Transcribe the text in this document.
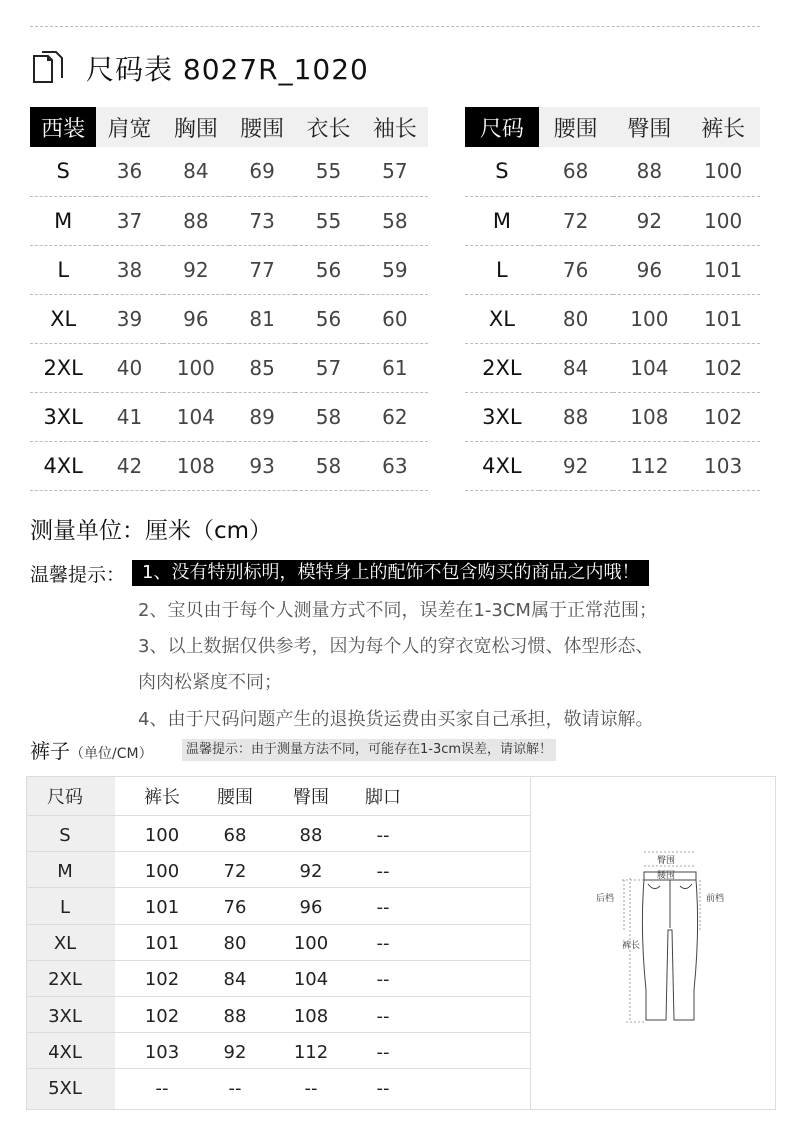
尺码表 8027R_1020
西装	肩宽	胸围	腰围	衣长	袖长
S	36	84	69	55	57
M	37	88	73	55	58
L	38	92	77	56	59
XL	39	96	81	56	60
2XL	40	100	85	57	61
3XL	41	104	89	58	62
4XL	42	108	93	58	63
尺码	腰围	臀围	裤长
S	68	88	100
M	72	92	100
L	76	96	101
XL	80	100	101
2XL	84	104	102
3XL	88	108	102
4XL	92	112	103
测量单位：厘米（cm）
温馨提示： 1、没有特别标明，模特身上的配饰不包含购买的商品之内哦！
2、宝贝由于每个人测量方式不同，误差在1-3CM属于正常范围；
3、以上数据仅供参考，因为每个人的穿衣宽松习惯、体型形态、
肉肉松紧度不同；
4、由于尺码问题产生的退换货运费由买家自己承担，敬请谅解。
裤子（单位/CM）	温馨提示：由于测量方法不同，可能存在1-3cm误差，请谅解！
尺码	裤长	腰围	臀围	脚口
S	100	68	88	--
M	100	72	92	--
L	101	76	96	--
XL	101	80	100	--
2XL	102	84	104	--
3XL	102	88	108	--
4XL	103	92	112	--
5XL	--	--	--	--
臀围
腰围
后档	前档
裤长
